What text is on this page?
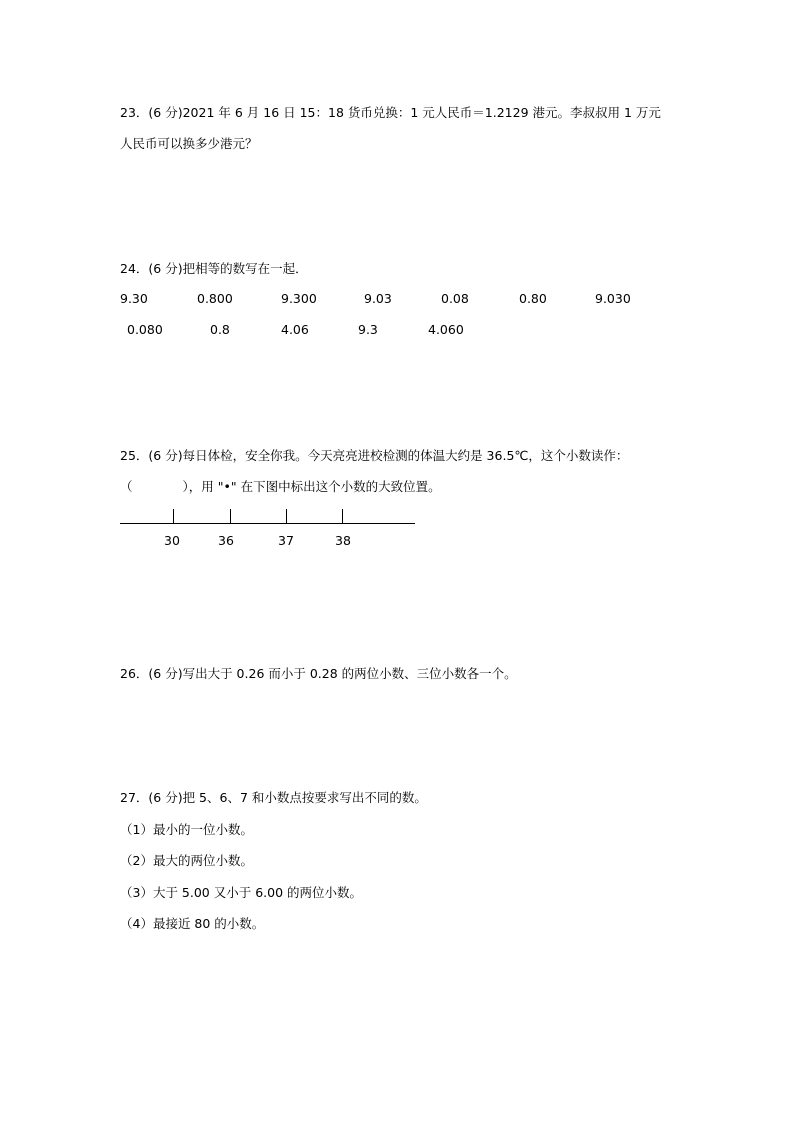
23．(6 分)2021 年 6 月 16 日 15：18 货币兑换：1 元人民币＝1.2129 港元。李叔叔用 1 万元
人民币可以换多少港元？
24．(6 分)把相等的数写在一起．
9.30	0.800	9.300	9.03	0.08	0.80	9.030
0.080	0.8	4.06	9.3	4.060
25．(6 分)每日体检，安全你我。今天亮亮进校检测的体温大约是 36.5℃，这个小数读作：
（　　　　），用 "•" 在下图中标出这个小数的大致位置。
30	36	37	38
26．(6 分)写出大于 0.26 而小于 0.28 的两位小数、三位小数各一个。
27．(6 分)把 5、6、7 和小数点按要求写出不同的数。
（1）最小的一位小数。
（2）最大的两位小数。
（3）大于 5.00 又小于 6.00 的两位小数。
（4）最接近 80 的小数。
